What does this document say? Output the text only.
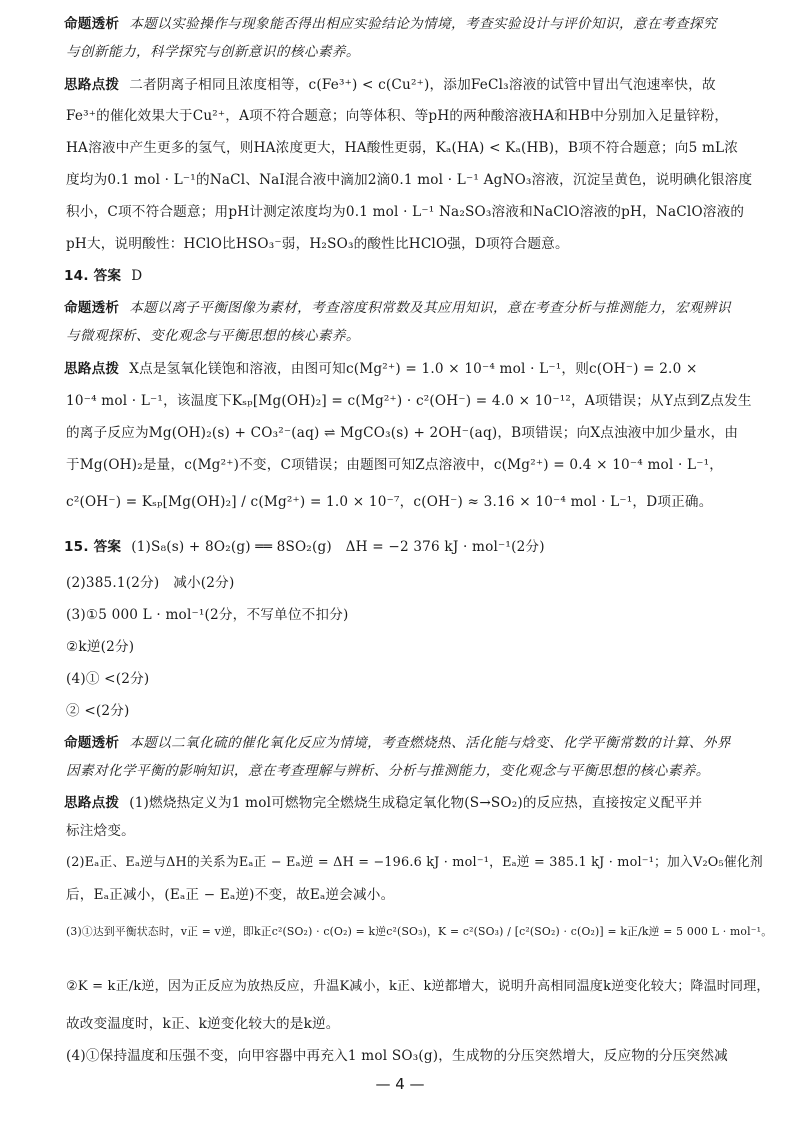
命题透析 本题以实验操作与现象能否得出相应实验结论为情境，考查实验设计与评价知识，意在考查探究
与创新能力，科学探究与创新意识的核心素养。
思路点拨 二者阴离子相同且浓度相等，c(Fe³⁺) < c(Cu²⁺)，添加FeCl₃溶液的试管中冒出气泡速率快，故
Fe³⁺的催化效果大于Cu²⁺，A项不符合题意；向等体积、等pH的两种酸溶液HA和HB中分别加入足量锌粉，
HA溶液中产生更多的氢气，则HA浓度更大，HA酸性更弱，Kₐ(HA) < Kₐ(HB)，B项不符合题意；向5 mL浓
度均为0.1 mol · L⁻¹的NaCl、NaI混合液中滴加2滴0.1 mol · L⁻¹ AgNO₃溶液，沉淀呈黄色，说明碘化银溶度
积小，C项不符合题意；用pH计测定浓度均为0.1 mol · L⁻¹ Na₂SO₃溶液和NaClO溶液的pH，NaClO溶液的
pH大，说明酸性：HClO比HSO₃⁻弱，H₂SO₃的酸性比HClO强，D项符合题意。
14. 答案 D
命题透析 本题以离子平衡图像为素材，考查溶度积常数及其应用知识，意在考查分析与推测能力，宏观辨识
与微观探析、变化观念与平衡思想的核心素养。
思路点拨 X点是氢氧化镁饱和溶液，由图可知c(Mg²⁺) = 1.0 × 10⁻⁴ mol · L⁻¹，则c(OH⁻) = 2.0 ×
10⁻⁴ mol · L⁻¹，该温度下Kₛₚ[Mg(OH)₂] = c(Mg²⁺) · c²(OH⁻) = 4.0 × 10⁻¹²，A项错误；从Y点到Z点发生
的离子反应为Mg(OH)₂(s) + CO₃²⁻(aq) ⇌ MgCO₃(s) + 2OH⁻(aq)，B项错误；向X点浊液中加少量水，由
于Mg(OH)₂是量，c(Mg²⁺)不变，C项错误；由题图可知Z点溶液中，c(Mg²⁺) = 0.4 × 10⁻⁴ mol · L⁻¹，
c²(OH⁻) = Kₛₚ[Mg(OH)₂] / c(Mg²⁺) = 1.0 × 10⁻⁷，c(OH⁻) ≈ 3.16 × 10⁻⁴ mol · L⁻¹，D项正确。
15. 答案 (1)S₈(s) + 8O₂(g) ══ 8SO₂(g)　ΔH = −2 376 kJ · mol⁻¹(2分)
(2)385.1(2分)　减小(2分)
(3)①5 000 L · mol⁻¹(2分，不写单位不扣分)
②k逆(2分)
(4)① <(2分)
② <(2分)
命题透析 本题以二氧化硫的催化氧化反应为情境，考查燃烧热、活化能与焓变、化学平衡常数的计算、外界
因素对化学平衡的影响知识，意在考查理解与辨析、分析与推测能力，变化观念与平衡思想的核心素养。
思路点拨 (1)燃烧热定义为1 mol可燃物完全燃烧生成稳定氧化物(S→SO₂)的反应热，直接按定义配平并
标注焓变。
(2)Eₐ正、Eₐ逆与ΔH的关系为Eₐ正 − Eₐ逆 = ΔH = −196.6 kJ · mol⁻¹，Eₐ逆 = 385.1 kJ · mol⁻¹；加入V₂O₅催化剂
后，Eₐ正减小，(Eₐ正 − Eₐ逆)不变，故Eₐ逆会减小。
(3)①达到平衡状态时，v正 = v逆，即k正c²(SO₂) · c(O₂) = k逆c²(SO₃)，K = c²(SO₃) / [c²(SO₂) · c(O₂)] = k正/k逆 = 5 000 L · mol⁻¹。
②K = k正/k逆，因为正反应为放热反应，升温K减小，k正、k逆都增大，说明升高相同温度k逆变化较大；降温时同理，
故改变温度时，k正、k逆变化较大的是k逆。
(4)①保持温度和压强不变，向甲容器中再充入1 mol SO₃(g)，生成物的分压突然增大，反应物的分压突然减
— 4 —
